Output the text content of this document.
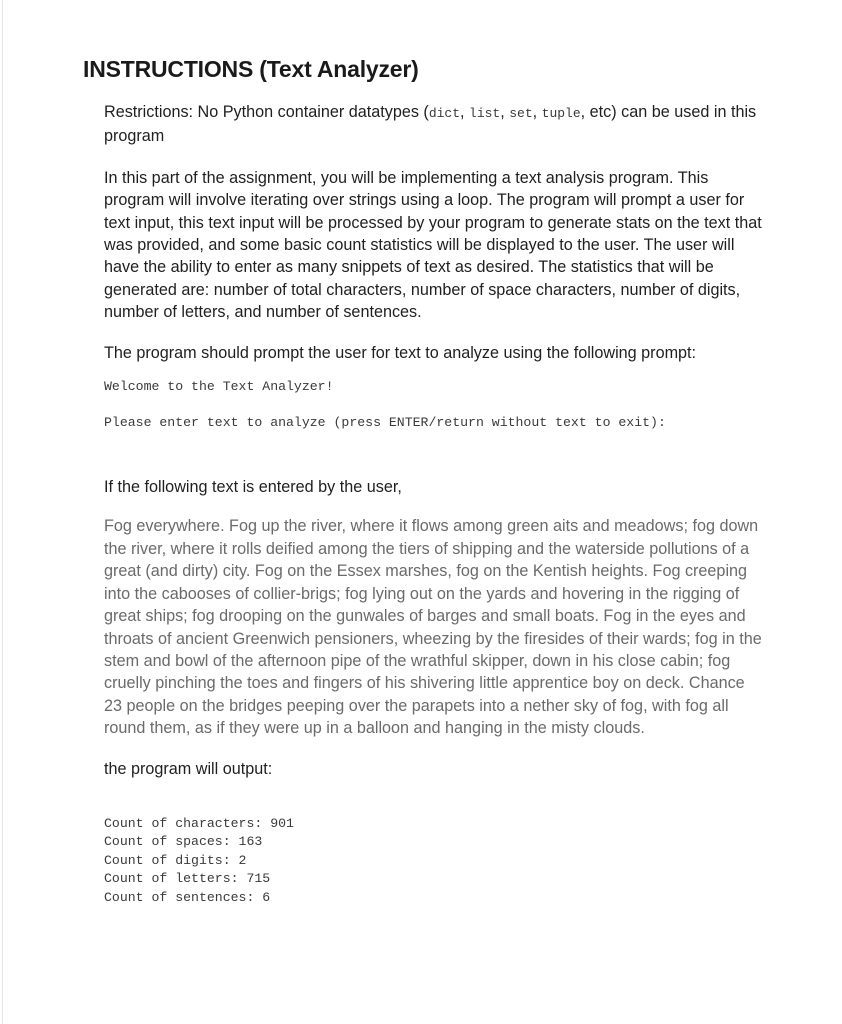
INSTRUCTIONS (Text Analyzer)

Restrictions: No Python container datatypes (dict, list, set, tuple, etc) can be used in this program

In this part of the assignment, you will be implementing a text analysis program. This program will involve iterating over strings using a loop. The program will prompt a user for text input, this text input will be processed by your program to generate stats on the text that was provided, and some basic count statistics will be displayed to the user. The user will have the ability to enter as many snippets of text as desired. The statistics that will be generated are: number of total characters, number of space characters, number of digits, number of letters, and number of sentences.

The program should prompt the user for text to analyze using the following prompt:

Welcome to the Text Analyzer!
Please enter text to analyze (press ENTER/return without text to exit):

If the following text is entered by the user,

Fog everywhere. Fog up the river, where it flows among green aits and meadows; fog down the river, where it rolls deified among the tiers of shipping and the waterside pollutions of a great (and dirty) city. Fog on the Essex marshes, fog on the Kentish heights. Fog creeping into the cabooses of collier-brigs; fog lying out on the yards and hovering in the rigging of great ships; fog drooping on the gunwales of barges and small boats. Fog in the eyes and throats of ancient Greenwich pensioners, wheezing by the firesides of their wards; fog in the stem and bowl of the afternoon pipe of the wrathful skipper, down in his close cabin; fog cruelly pinching the toes and fingers of his shivering little apprentice boy on deck. Chance 23 people on the bridges peeping over the parapets into a nether sky of fog, with fog all round them, as if they were up in a balloon and hanging in the misty clouds.

the program will output:

Count of characters: 901
Count of spaces: 163
Count of digits: 2
Count of letters: 715
Count of sentences: 6
